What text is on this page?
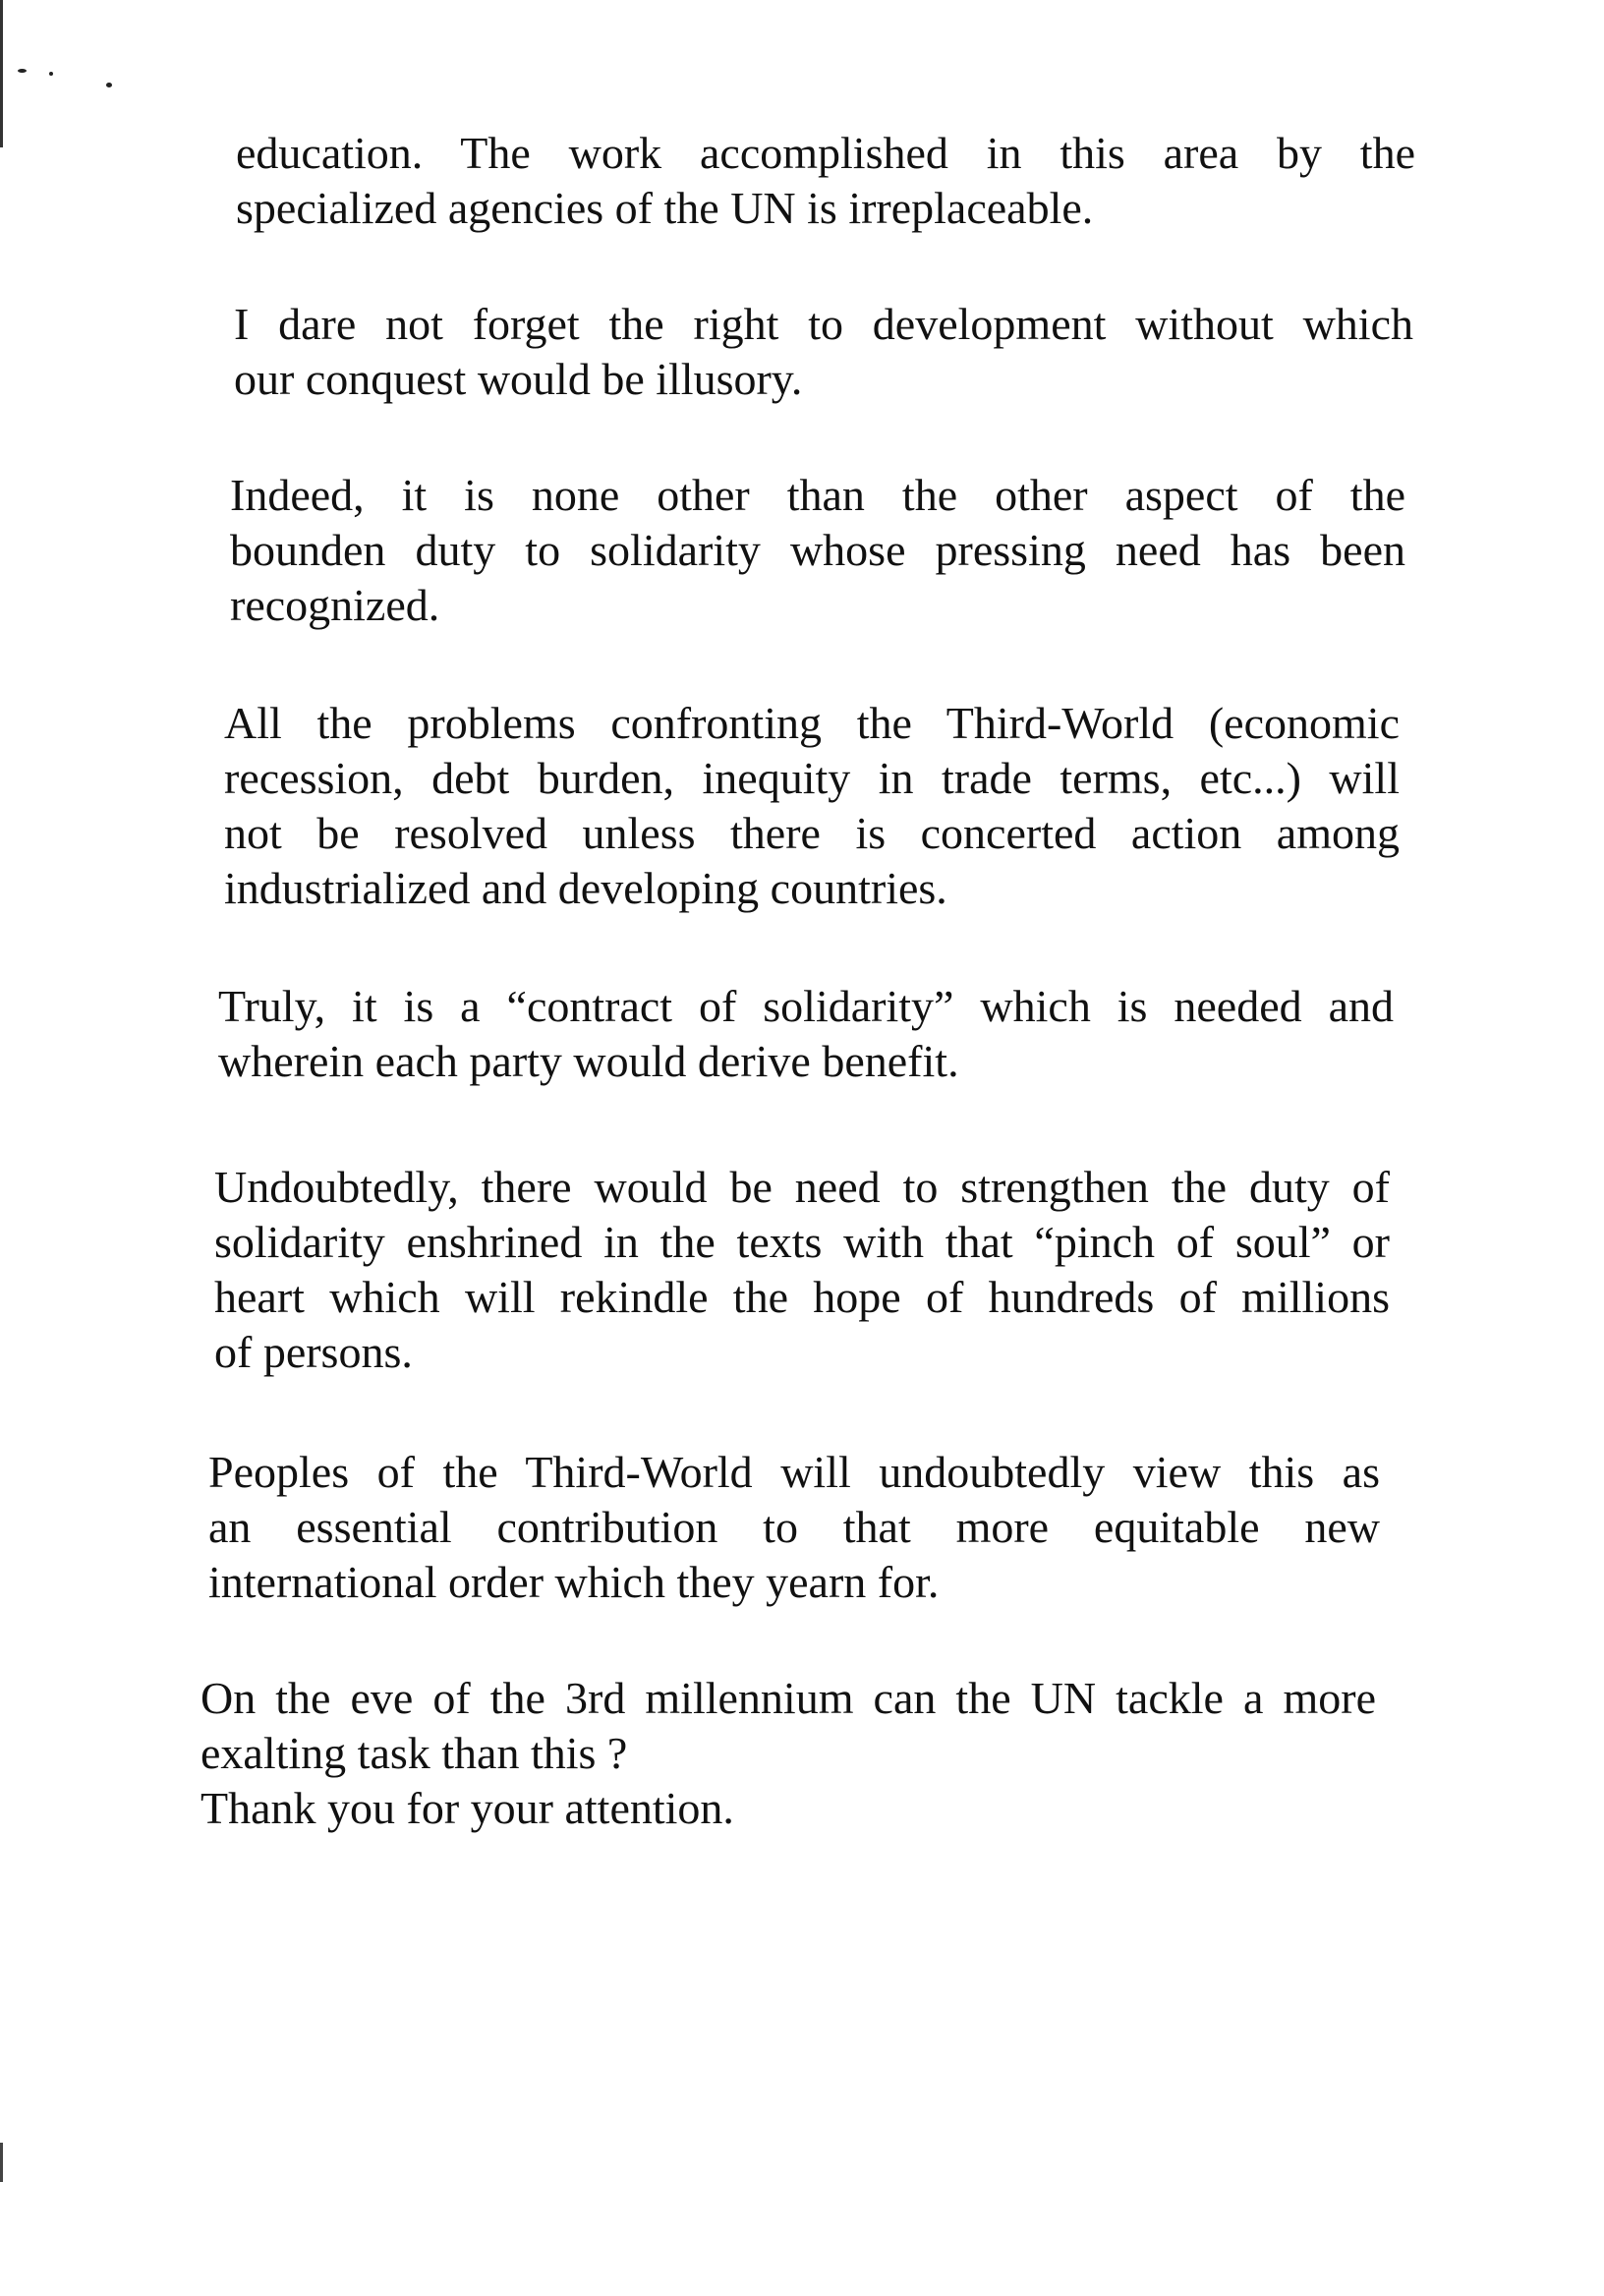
education. The work accomplished in this area by the
specialized agencies of the UN is irreplaceable.
I dare not forget the right to development without which
our conquest would be illusory.
Indeed, it is none other than the other aspect of the
bounden duty to solidarity whose pressing need has been
recognized.
All the problems confronting the Third-World (economic
recession, debt burden, inequity in trade terms, etc...) will
not be resolved unless there is concerted action among
industrialized and developing countries.
Truly, it is a “contract of solidarity” which is needed and
wherein each party would derive benefit.
Undoubtedly, there would be need to strengthen the duty of
solidarity enshrined in the texts with that “pinch of soul” or
heart which will rekindle the hope of hundreds of millions
of persons.
Peoples of the Third-World will undoubtedly view this as
an essential contribution to that more equitable new
international order which they yearn for.
On the eve of the 3rd millennium can the UN tackle a more
exalting task than this ?
Thank you for your attention.
